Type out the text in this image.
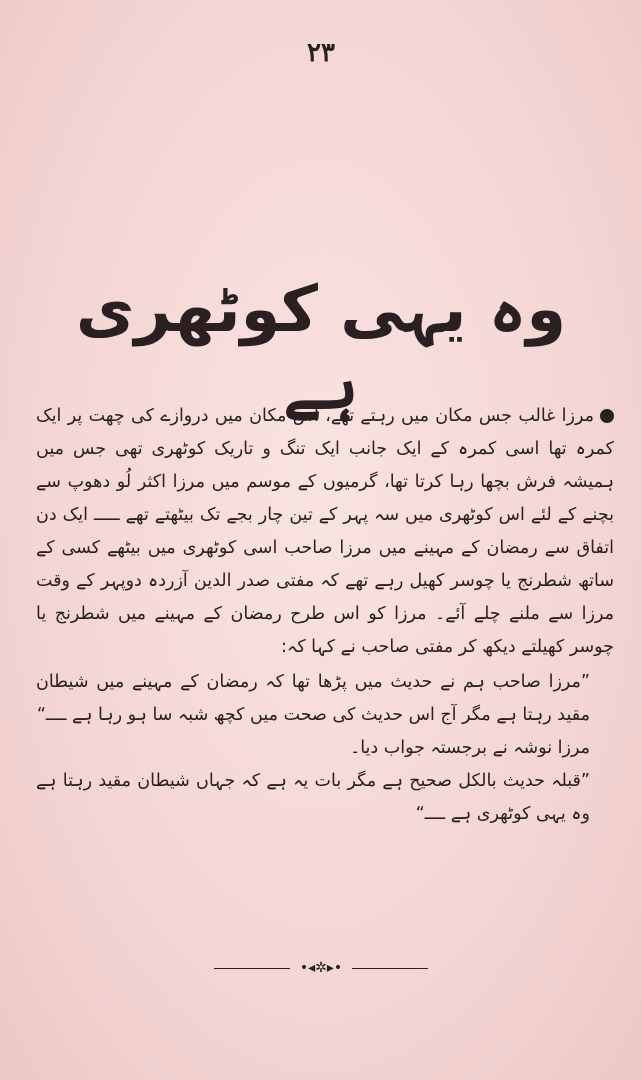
۲۳
وہ یہی کوٹھری ہے

مرزا غالب جس مکان میں رہتے تھے، اُس مکان میں دروازے کی چھت پر ایک کمرہ تھا اسی کمرہ کے ایک جانب ایک تنگ و تاریک کوٹھری تھی جس میں ہمیشہ فرش بچھا رہا کرتا تھا، گرمیوں کے موسم میں مرزا اکثر لُو دھوپ سے بچنے کے لئے اس کوٹھری میں سہ پہر کے تین چار بجے تک بیٹھتے تھے ـــــ ایک دن اتفاق سے رمضان کے مہینے میں مرزا صاحب اسی کوٹھری میں بیٹھے کسی کے ساتھ شطرنج یا چوسر کھیل رہے تھے کہ مفتی صدر الدین آزردہ دوپہر کے وقت مرزا سے ملنے چلے آئے۔ مرزا کو اس طرح رمضان کے مہینے میں شطرنج یا چوسر کھیلتے دیکھ کر مفتی صاحب نے کہا کہ:

”مرزا صاحب ہم نے حدیث میں پڑھا تھا کہ رمضان کے مہینے میں شیطان مقید رہتا ہے مگر آج اس حدیث کی صحت میں کچھ شبہ سا ہو رہا ہے ــــ“

مرزا نوشہ نے برجستہ جواب دیا۔

”قبلہ حدیث بالکل صحیح ہے مگر بات یہ ہے کہ جہاں شیطان مقید رہتا ہے وہ یہی کوٹھری ہے ــــ“

•◂✲▸•
